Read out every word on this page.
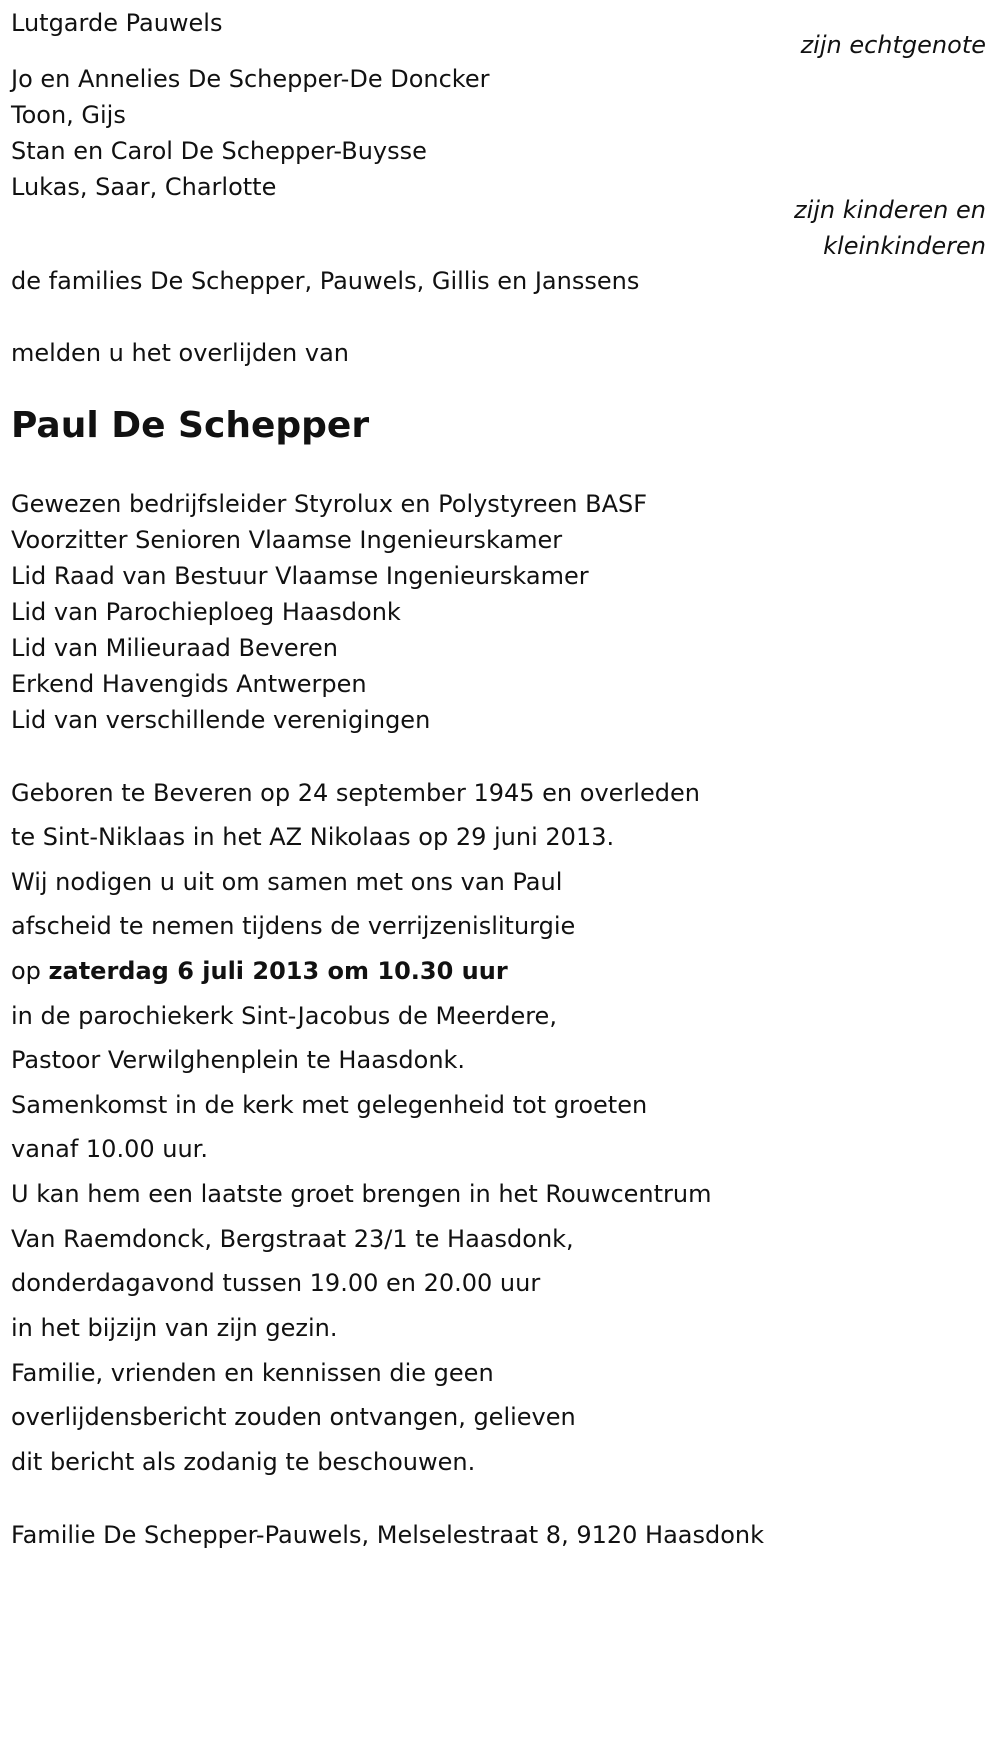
Lutgarde Pauwels
zijn echtgenote
Jo en Annelies De Schepper-De Doncker
Toon, Gijs
Stan en Carol De Schepper-Buysse
Lukas, Saar, Charlotte
zijn kinderen en
kleinkinderen
de families De Schepper, Pauwels, Gillis en Janssens
melden u het overlijden van
Paul De Schepper
Gewezen bedrijfsleider Styrolux en Polystyreen BASF
Voorzitter Senioren Vlaamse Ingenieurskamer
Lid Raad van Bestuur Vlaamse Ingenieurskamer
Lid van Parochieploeg Haasdonk
Lid van Milieuraad Beveren
Erkend Havengids Antwerpen
Lid van verschillende verenigingen
Geboren te Beveren op 24 september 1945 en overleden
te Sint-Niklaas in het AZ Nikolaas op 29 juni 2013.
Wij nodigen u uit om samen met ons van Paul
afscheid te nemen tijdens de verrijzenisliturgie
op zaterdag 6 juli 2013 om 10.30 uur
in de parochiekerk Sint-Jacobus de Meerdere,
Pastoor Verwilghenplein te Haasdonk.
Samenkomst in de kerk met gelegenheid tot groeten
vanaf 10.00 uur.
U kan hem een laatste groet brengen in het Rouwcentrum
Van Raemdonck, Bergstraat 23/1 te Haasdonk,
donderdagavond tussen 19.00 en 20.00 uur
in het bijzijn van zijn gezin.
Familie, vrienden en kennissen die geen
overlijdensbericht zouden ontvangen, gelieven
dit bericht als zodanig te beschouwen.
Familie De Schepper-Pauwels, Melselestraat 8, 9120 Haasdonk
